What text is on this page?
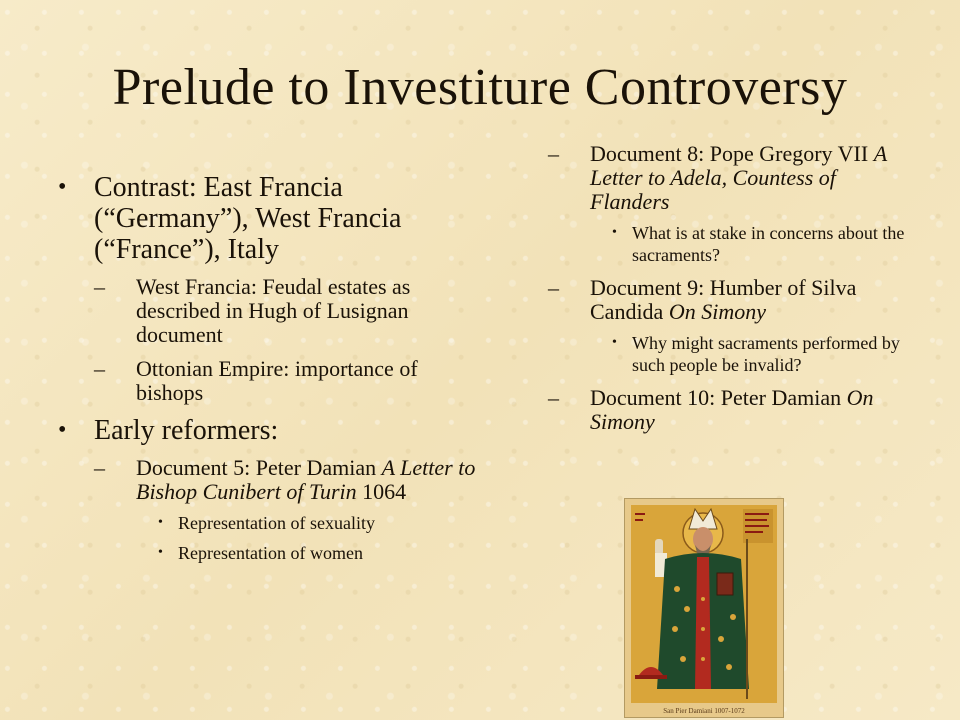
Prelude to Investiture Controversy
• Contrast: East Francia (“Germany”), West Francia (“France”), Italy
– West Francia: Feudal estates as described in Hugh of Lusignan document
– Ottonian Empire: importance of bishops
• Early reformers:
– Document 5: Peter Damian A Letter to Bishop Cunibert of Turin 1064
• Representation of sexuality
• Representation of women
– Document 8: Pope Gregory VII A Letter to Adela, Countess of Flanders
• What is at stake in concerns about the sacraments?
– Document 9: Humber of Silva Candida On Simony
• Why might sacraments performed by such people be invalid?
– Document 10: Peter Damian On Simony
San Pier Damiani 1007-1072
